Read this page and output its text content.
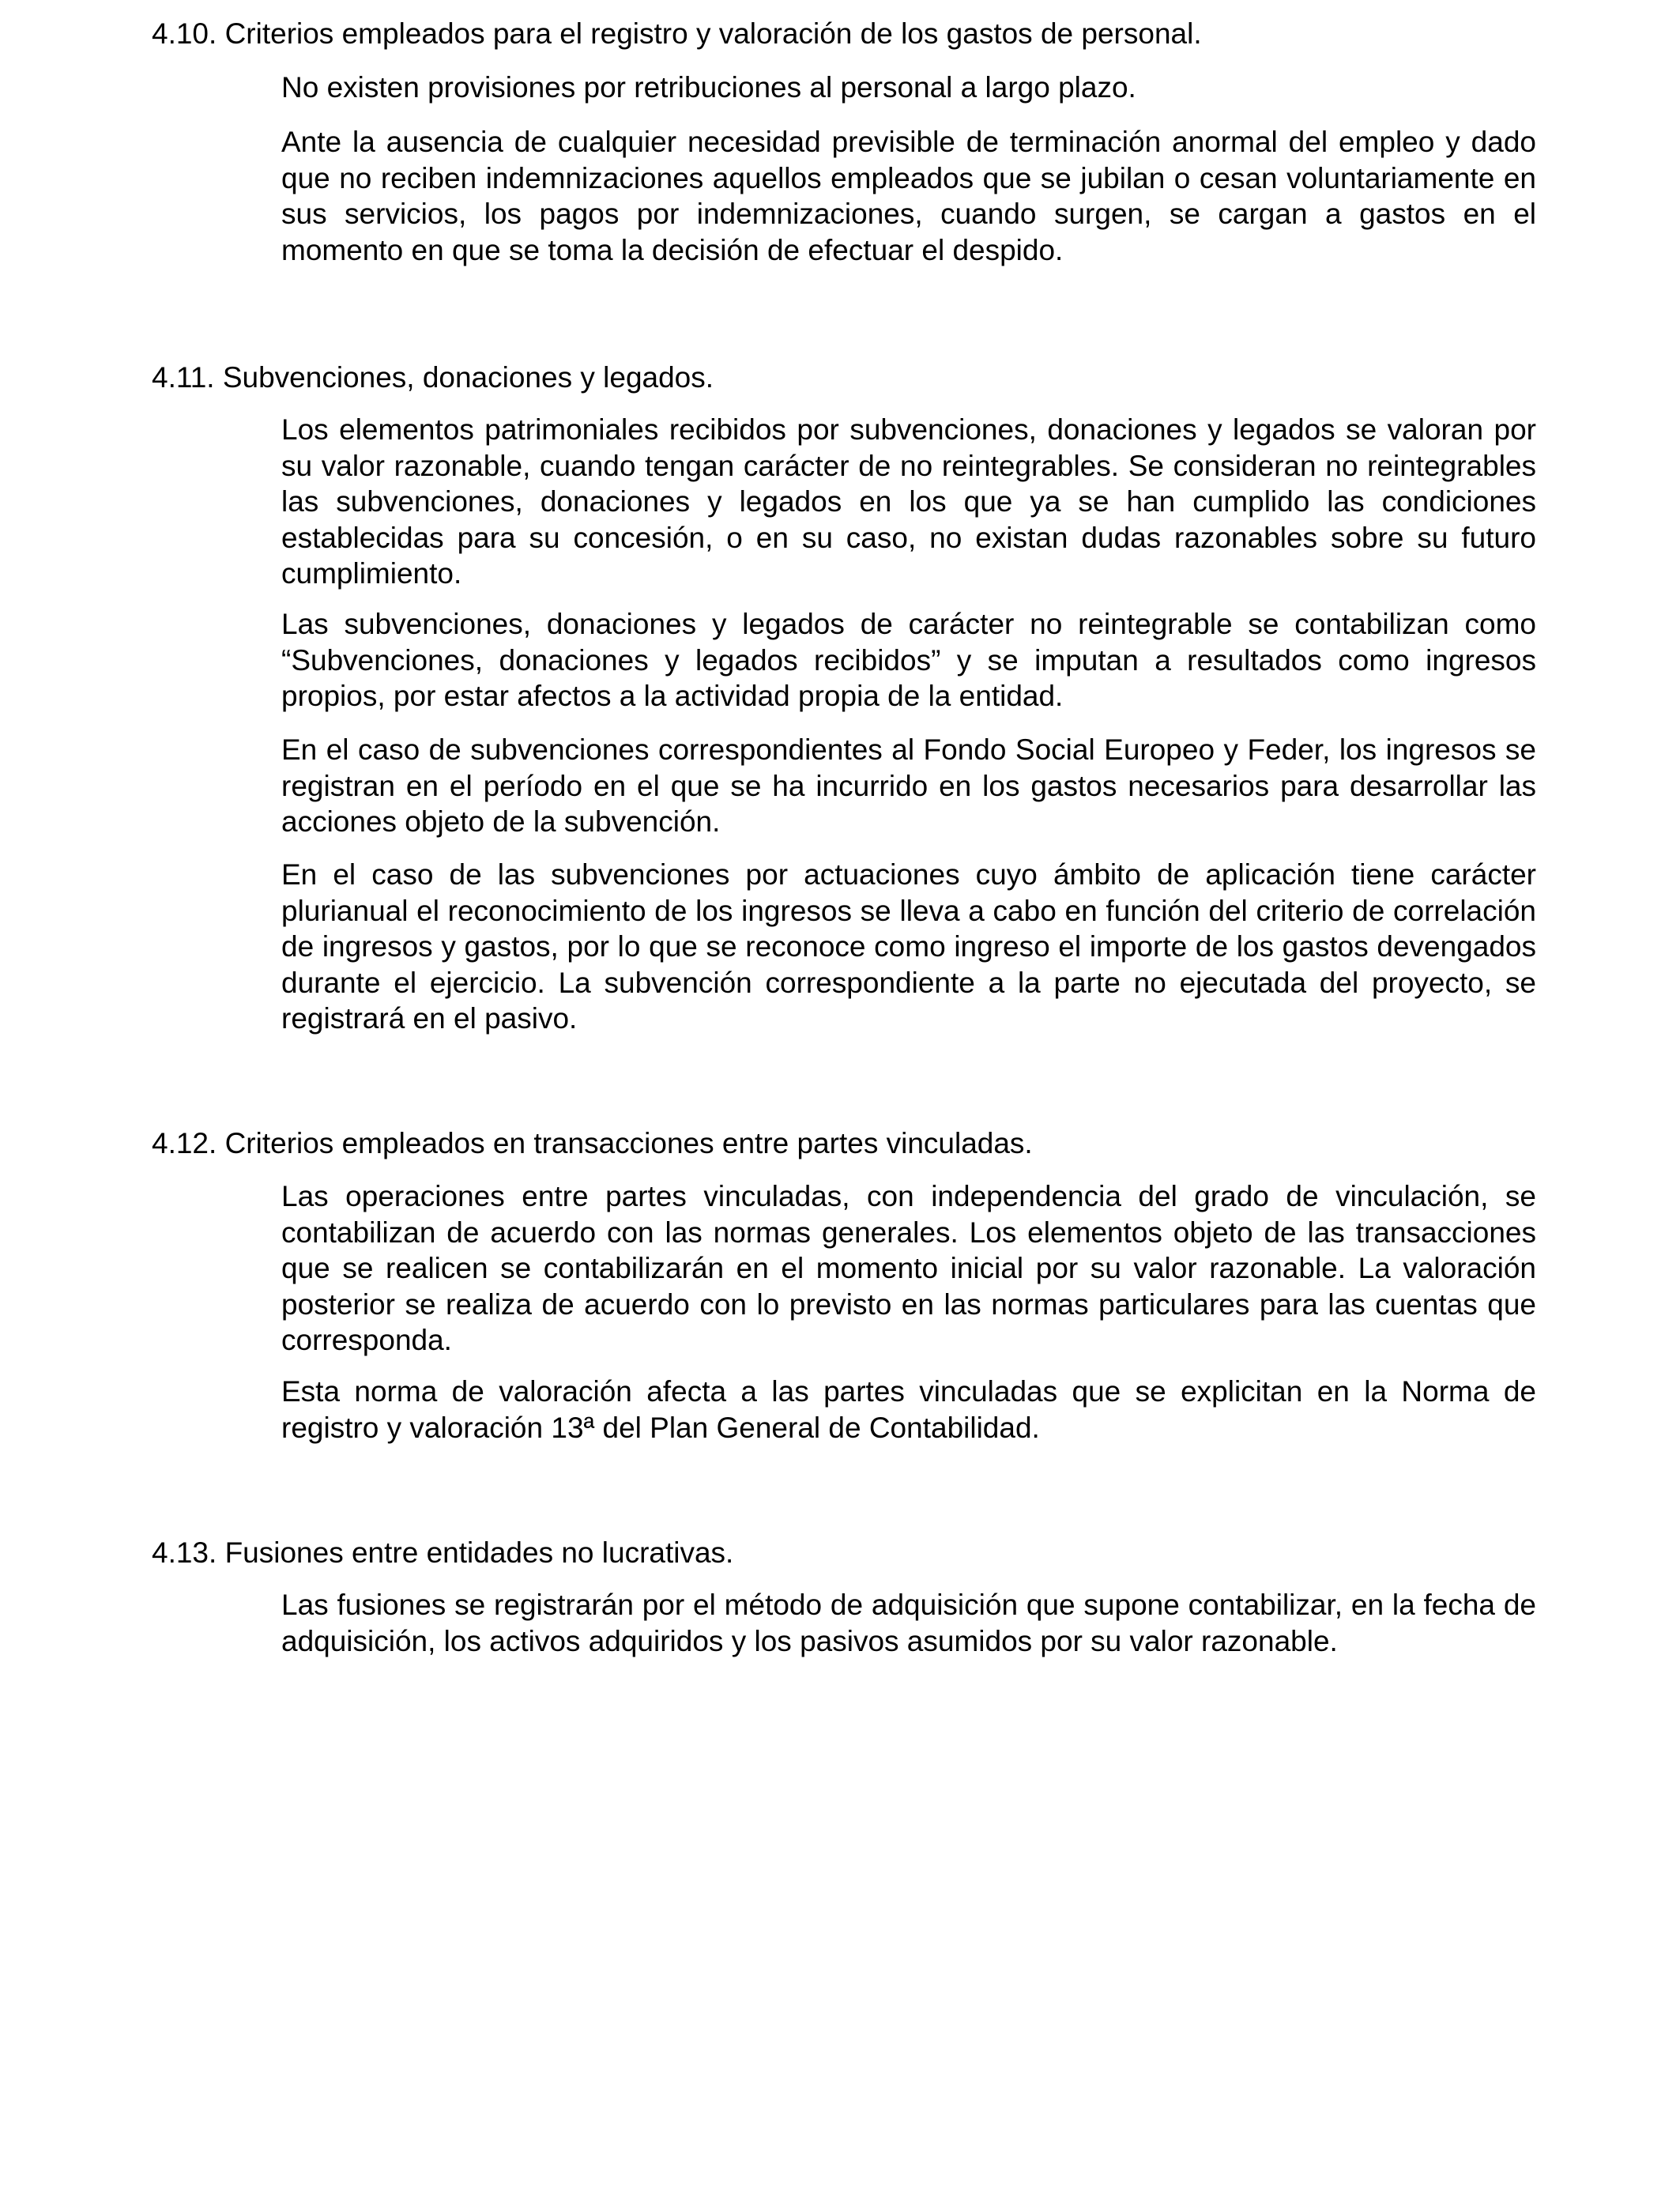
4.10. Criterios empleados para el registro y valoración de los gastos de personal.

No existen provisiones por retribuciones al personal a largo plazo.

Ante la ausencia de cualquier necesidad previsible de terminación anormal del empleo y dado que no reciben indemnizaciones aquellos empleados que se jubilan o cesan voluntariamente en sus servicios, los pagos por indemnizaciones, cuando surgen, se cargan a gastos en el momento en que se toma la decisión de efectuar el despido.

4.11. Subvenciones, donaciones y legados.

Los elementos patrimoniales recibidos por subvenciones, donaciones y legados se valoran por su valor razonable, cuando tengan carácter de no reintegrables. Se consideran no reintegrables las subvenciones, donaciones y legados en los que ya se han cumplido las condiciones establecidas para su concesión, o en su caso, no existan dudas razonables sobre su futuro cumplimiento.

Las subvenciones, donaciones y legados de carácter no reintegrable se contabilizan como “Subvenciones, donaciones y legados recibidos” y se imputan a resultados como ingresos propios, por estar afectos a la actividad propia de la entidad.

En el caso de subvenciones correspondientes al Fondo Social Europeo y Feder, los ingresos se registran en el período en el que se ha incurrido en los gastos necesarios para desarrollar las acciones objeto de la subvención.

En el caso de las subvenciones por actuaciones cuyo ámbito de aplicación tiene carácter plurianual el reconocimiento de los ingresos se lleva a cabo en función del criterio de correlación de ingresos y gastos, por lo que se reconoce como ingreso el importe de los gastos devengados durante el ejercicio. La subvención correspondiente a la parte no ejecutada del proyecto, se registrará en el pasivo.

4.12. Criterios empleados en transacciones entre partes vinculadas.

Las operaciones entre partes vinculadas, con independencia del grado de vinculación, se contabilizan de acuerdo con las normas generales. Los elementos objeto de las transacciones que se realicen se contabilizarán en el momento inicial por su valor razonable. La valoración posterior se realiza de acuerdo con lo previsto en las normas particulares para las cuentas que corresponda.

Esta norma de valoración afecta a las partes vinculadas que se explicitan en la Norma de registro y valoración 13ª del Plan General de Contabilidad.

4.13. Fusiones entre entidades no lucrativas.

Las fusiones se registrarán por el método de adquisición que supone contabilizar, en la fecha de adquisición, los activos adquiridos y los pasivos asumidos por su valor razonable.
